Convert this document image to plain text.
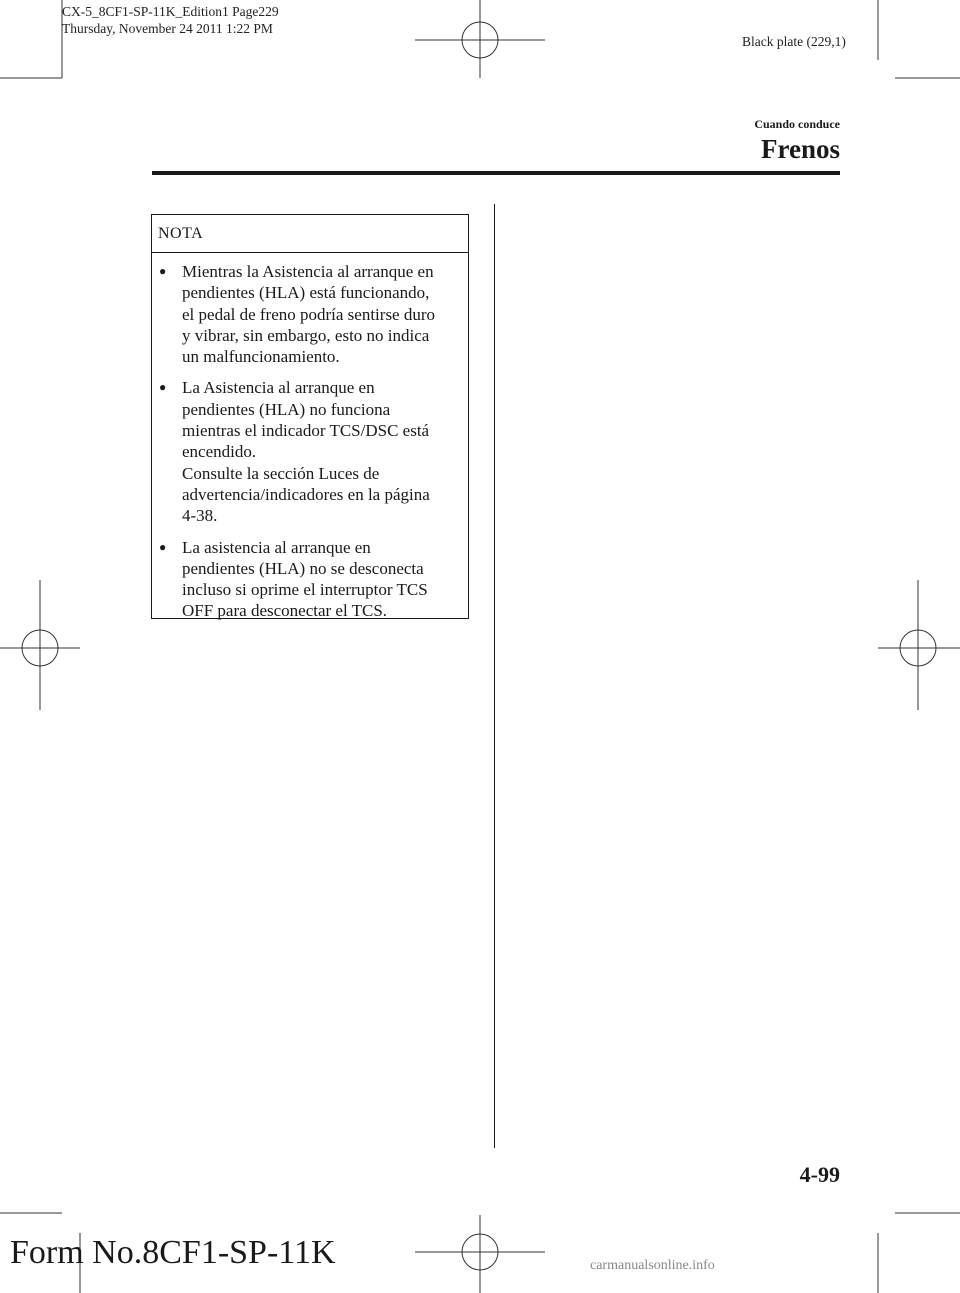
CX-5_8CF1-SP-11K_Edition1 Page229
Thursday, November 24 2011 1:22 PM
Black plate (229,1)
Cuando conduce
Frenos
NOTA
● Mientras la Asistencia al arranque en
pendientes (HLA) está funcionando,
el pedal de freno podría sentirse duro
y vibrar, sin embargo, esto no indica
un malfuncionamiento.
● La Asistencia al arranque en
pendientes (HLA) no funciona
mientras el indicador TCS/DSC está
encendido.
Consulte la sección Luces de
advertencia/indicadores en la página
4-38.
● La asistencia al arranque en
pendientes (HLA) no se desconecta
incluso si oprime el interruptor TCS
OFF para desconectar el TCS.
4-99
Form No.8CF1-SP-11K	carmanualsonline.info
